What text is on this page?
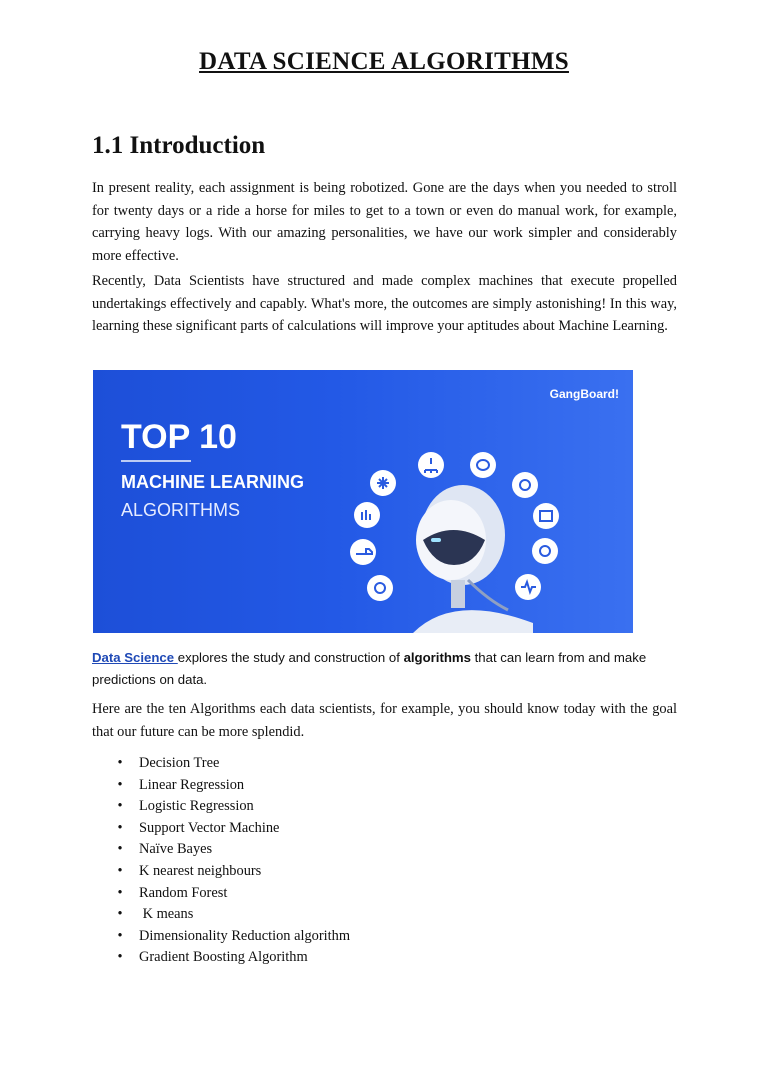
DATA SCIENCE ALGORITHMS
1.1 Introduction

In present reality, each assignment is being robotized. Gone are the days when you needed to stroll for twenty days or a ride a horse for miles to get to a town or even do manual work, for example, carrying heavy logs. With our amazing personalities, we have our work simpler and considerably more effective.

Recently, Data Scientists have structured and made complex machines that execute propelled undertakings effectively and capably. What's more, the outcomes are simply astonishing! In this way, learning these significant parts of calculations will improve your aptitudes about Machine Learning.

GangBoard!
TOP 10
MACHINE LEARNING
ALGORITHMS

Data Science explores the study and construction of algorithms that can learn from and make predictions on data.

Here are the ten Algorithms each data scientists, for example, you should know today with the goal that our future can be more splendid.

• Decision Tree
• Linear Regression
• Logistic Regression
• Support Vector Machine
• Naïve Bayes
• K nearest neighbours
• Random Forest
• K means
• Dimensionality Reduction algorithm
• Gradient Boosting Algorithm
